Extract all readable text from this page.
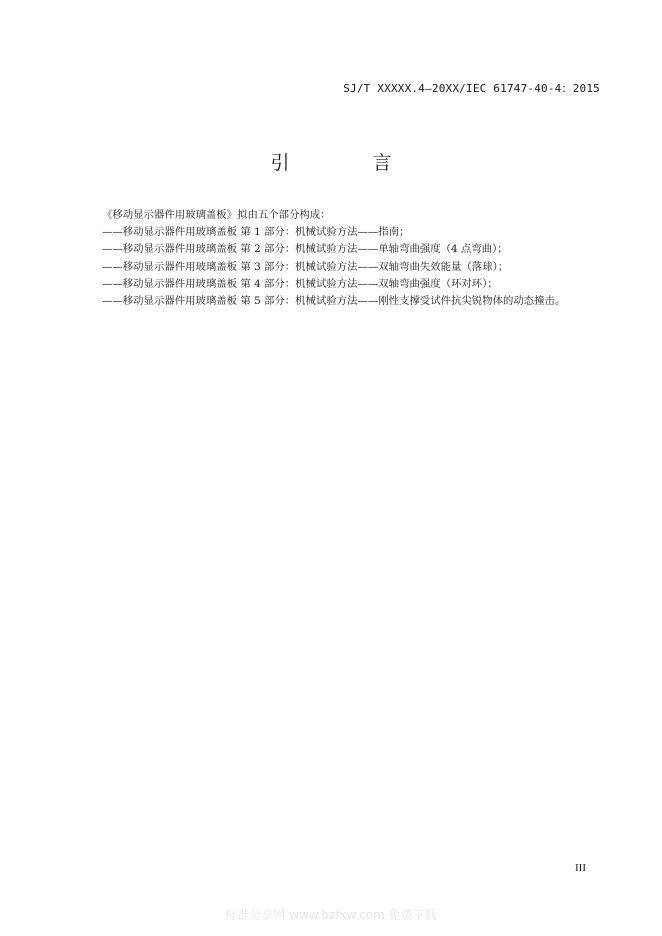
SJ/T XXXXX.4—20XX/IEC 61747-40-4：2015
引　言
《移动显示器件用玻璃盖板》拟由五个部分构成：
——移动显示器件用玻璃盖板 第 1 部分：机械试验方法——指南；
——移动显示器件用玻璃盖板 第 2 部分：机械试验方法——单轴弯曲强度（4 点弯曲）；
——移动显示器件用玻璃盖板 第 3 部分：机械试验方法——双轴弯曲失效能量（落球）；
——移动显示器件用玻璃盖板 第 4 部分：机械试验方法——双轴弯曲强度（环对环）；
——移动显示器件用玻璃盖板 第 5 部分：机械试验方法——刚性支撑受试件抗尖锐物体的动态撞击。
III
标准分享网 www.bzfxw.com 免费下载
